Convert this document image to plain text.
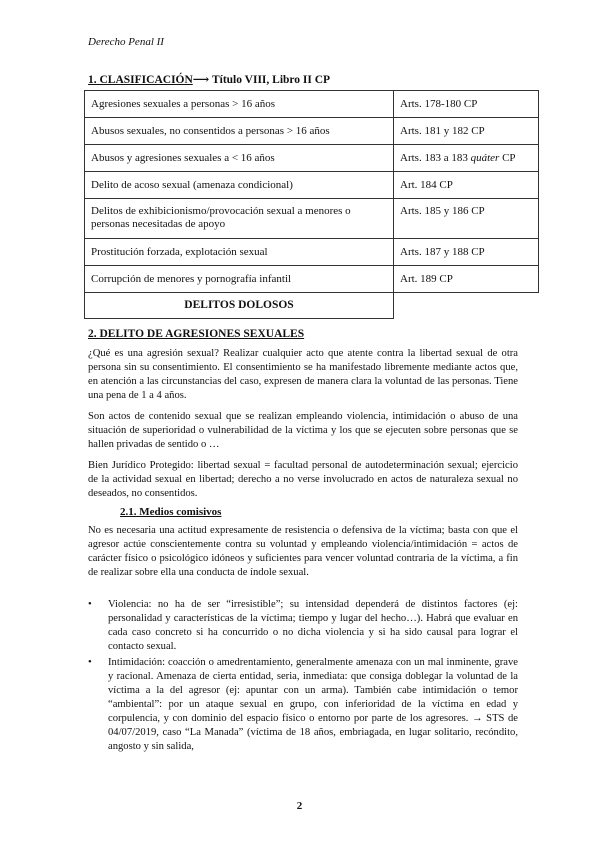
Derecho Penal II
1. CLASIFICACIÓN⟶ Título VIII, Libro II CP
Agresiones sexuales a personas > 16 años	Arts. 178-180 CP
Abusos sexuales, no consentidos a personas > 16 años	Arts. 181 y 182 CP
Abusos y agresiones sexuales a < 16 años	Arts. 183 a 183 quáter CP
Delito de acoso sexual (amenaza condicional)	Art. 184 CP
Delitos de exhibicionismo/provocación sexual a menores o personas necesitadas de apoyo	Arts. 185 y 186 CP
Prostitución forzada, explotación sexual	Arts. 187 y 188 CP
Corrupción de menores y pornografía infantil	Art. 189 CP
DELITOS DOLOSOS	
2. DELITO DE AGRESIONES SEXUALES
¿Qué es una agresión sexual? Realizar cualquier acto que atente contra la libertad sexual de otra persona sin su consentimiento. El consentimiento se ha manifestado libremente mediante actos que, en atención a las circunstancias del caso, expresen de manera clara la voluntad de las personas. Tiene una pena de 1 a 4 años.
Son actos de contenido sexual que se realizan empleando violencia, intimidación o abuso de una situación de superioridad o vulnerabilidad de la víctima y los que se ejecuten sobre personas que se hallen privadas de sentido o …
Bien Jurídico Protegido: libertad sexual = facultad personal de autodeterminación sexual; ejercicio de la actividad sexual en libertad; derecho a no verse involucrado en actos de naturaleza sexual no deseados, no consentidos.
2.1. Medios comisivos
No es necesaria una actitud expresamente de resistencia o defensiva de la víctima; basta con que el agresor actúe conscientemente contra su voluntad y empleando violencia/intimidación = actos de carácter físico o psicológico idóneos y suficientes para vencer voluntad contraria de la víctima, a fin de realizar sobre ella una conducta de índole sexual.
• Violencia: no ha de ser “irresistible”; su intensidad dependerá de distintos factores (ej: personalidad y características de la víctima; tiempo y lugar del hecho…). Habrá que evaluar en cada caso concreto si ha concurrido o no dicha violencia y si ha sido causal para lograr el contacto sexual.
• Intimidación: coacción o amedrentamiento, generalmente amenaza con un mal inminente, grave y racional. Amenaza de cierta entidad, seria, inmediata: que consiga doblegar la voluntad de la víctima a la del agresor (ej: apuntar con un arma). También cabe intimidación o temor “ambiental”: por un ataque sexual en grupo, con inferioridad de la víctima en edad y corpulencia, y con dominio del espacio físico o entorno por parte de los agresores. → STS de 04/07/2019, caso “La Manada” (víctima de 18 años, embriagada, en lugar solitario, recóndito, angosto y sin salida,
2
